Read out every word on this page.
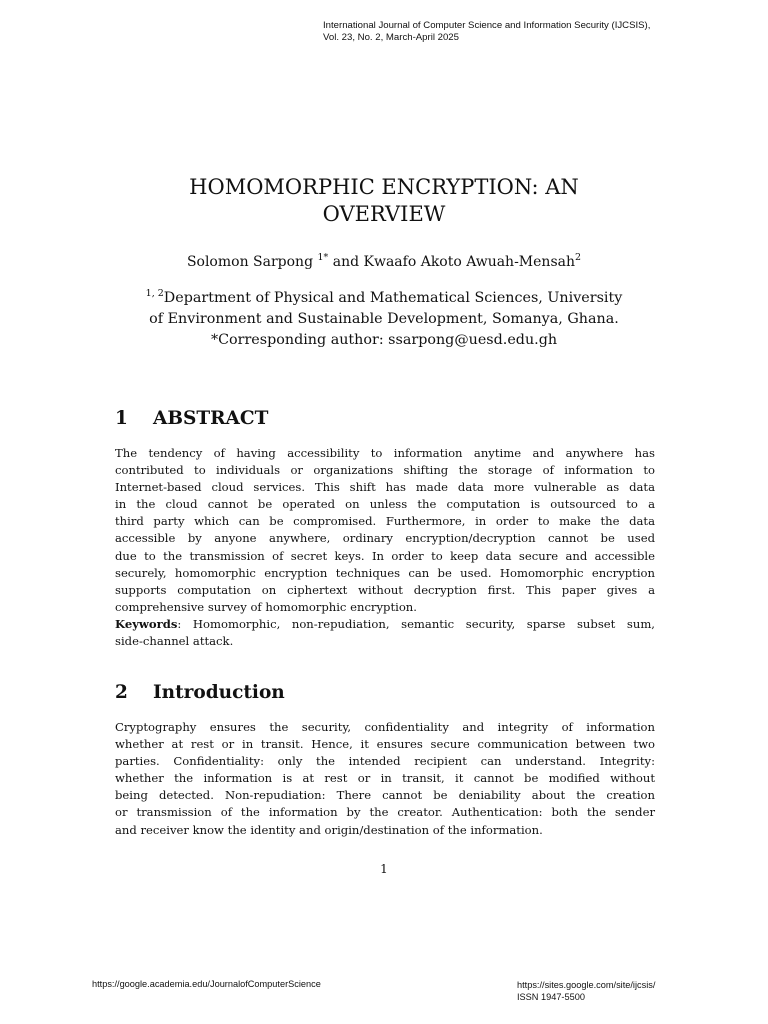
International Journal of Computer Science and Information Security (IJCSIS),
Vol. 23, No. 2, March-April 2025
HOMOMORPHIC ENCRYPTION: AN
OVERVIEW
Solomon Sarpong $^{1*}$ and Kwaafo Akoto Awuah-Mensah$^2$
$^{1, 2}$Department of Physical and Mathematical Sciences, University
of Environment and Sustainable Development, Somanya, Ghana.
*Corresponding author: ssarpong@uesd.edu.gh
1 ABSTRACT
The tendency of having accessibility to information anytime and anywhere has
contributed to individuals or organizations shifting the storage of information to
Internet-based cloud services. This shift has made data more vulnerable as data
in the cloud cannot be operated on unless the computation is outsourced to a
third party which can be compromised. Furthermore, in order to make the data
accessible by anyone anywhere, ordinary encryption/decryption cannot be used
due to the transmission of secret keys. In order to keep data secure and accessible
securely, homomorphic encryption techniques can be used. Homomorphic encryption
supports computation on ciphertext without decryption first. This paper gives a
comprehensive survey of homomorphic encryption.
Keywords: Homomorphic, non-repudiation, semantic security, sparse subset sum,
side-channel attack.
2 Introduction
Cryptography ensures the security, confidentiality and integrity of information
whether at rest or in transit. Hence, it ensures secure communication between two
parties. Confidentiality: only the intended recipient can understand. Integrity:
whether the information is at rest or in transit, it cannot be modified without
being detected. Non-repudiation: There cannot be deniability about the creation
or transmission of the information by the creator. Authentication: both the sender
and receiver know the identity and origin/destination of the information.
1
https://google.academia.edu/JournalofComputerScience	https://sites.google.com/site/ijcsis/
ISSN 1947-5500
